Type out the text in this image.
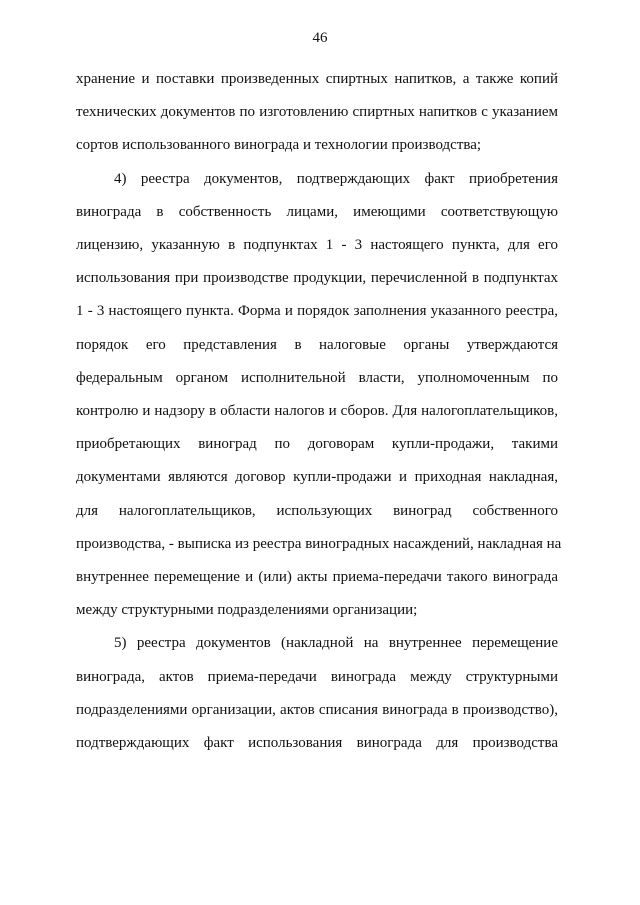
46

хранение и поставки произведенных спиртных напитков, а также копий
технических документов по изготовлению спиртных напитков с указанием
сортов использованного винограда и технологии производства;

4) реестра документов, подтверждающих факт приобретения
винограда в собственность лицами, имеющими соответствующую
лицензию, указанную в подпунктах 1 - 3 настоящего пункта, для его
использования при производстве продукции, перечисленной в подпунктах
1 - 3 настоящего пункта. Форма и порядок заполнения указанного реестра,
порядок его представления в налоговые органы утверждаются
федеральным органом исполнительной власти, уполномоченным по
контролю и надзору в области налогов и сборов. Для налогоплательщиков,
приобретающих виноград по договорам купли-продажи, такими
документами являются договор купли-продажи и приходная накладная,
для налогоплательщиков, использующих виноград собственного
производства, - выписка из реестра виноградных насаждений, накладная на
внутреннее перемещение и (или) акты приема-передачи такого винограда
между структурными подразделениями организации;

5) реестра документов (накладной на внутреннее перемещение
винограда, актов приема-передачи винограда между структурными
подразделениями организации, актов списания винограда в производство),
подтверждающих факт использования винограда для производства
